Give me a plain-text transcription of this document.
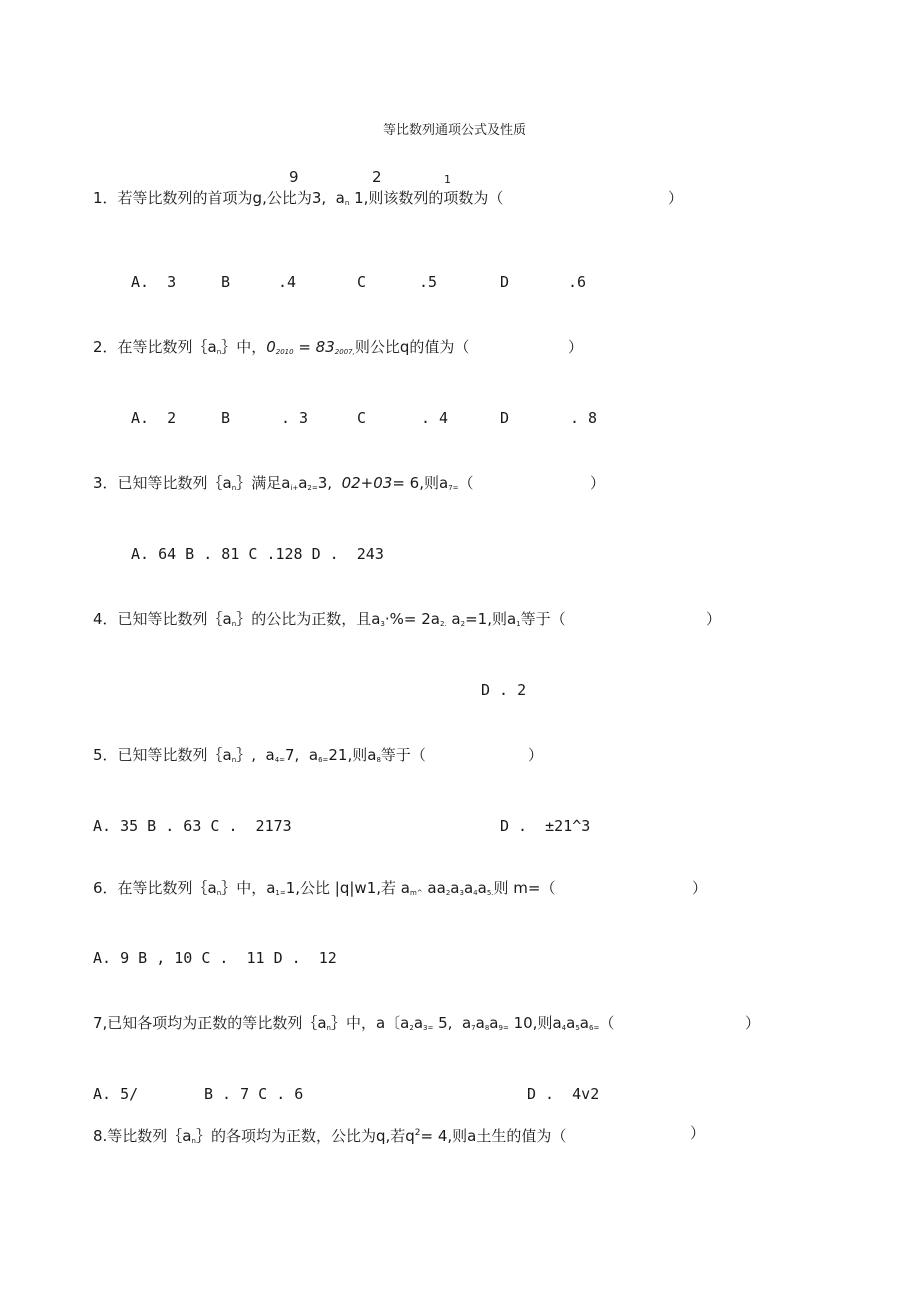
等比数列通项公式及性质
9	2	1
1．若等比数列的首项为g,公比为3,  $a_n$ 1,则该数列的项数为（	）
A.  3	B	.4	C	.5	D	.6
2．在等比数列$\{a_n\}$中，$0_{2010} = 83_{2007,}$则公比q的值为（	）
A.  2	B	. 3	C	. 4	D	. 8
3．已知等比数列$\{a_n\}$满足$a_{i+}a_{2=}3$,  02+03= 6,则$a_{7=}$（	）
A. 64 B . 81 C .128 D .  243
4．已知等比数列$\{a_n\}$的公比为正数，且$a_3\cdot\%= 2a_{2.}$ $a_2=1$,则$a_1$等于（	）
D . 2
5．已知等比数列$\{a_n\}$,  $a_{4=}7$,  $a_{6=}21$,则$a_8$等于（	）
A. 35 B . 63 C .  2173	D .  ±21^3
6．在等比数列$\{a_n\}$中，$a_{1=}1$,公比 |q|w1,若 $a_{m\^{}}$ $aa_2a_3a_4a_{5.}$则 m=（	）
A. 9 B , 10 C .  11 D .  12
7,已知各项均为正数的等比数列$\{a_n\}$中，a〔$a_2a_{3=}$ 5,  $a_7a_8a_{9=}$ 10,则$a_4a_5a_{6=}$（	）
A. 5/	B . 7 C . 6	D .  4v2
8.等比数列$\{a_n\}$的各项均为正数，公比为q,若$q^2= 4$,则a土生的值为（	）
